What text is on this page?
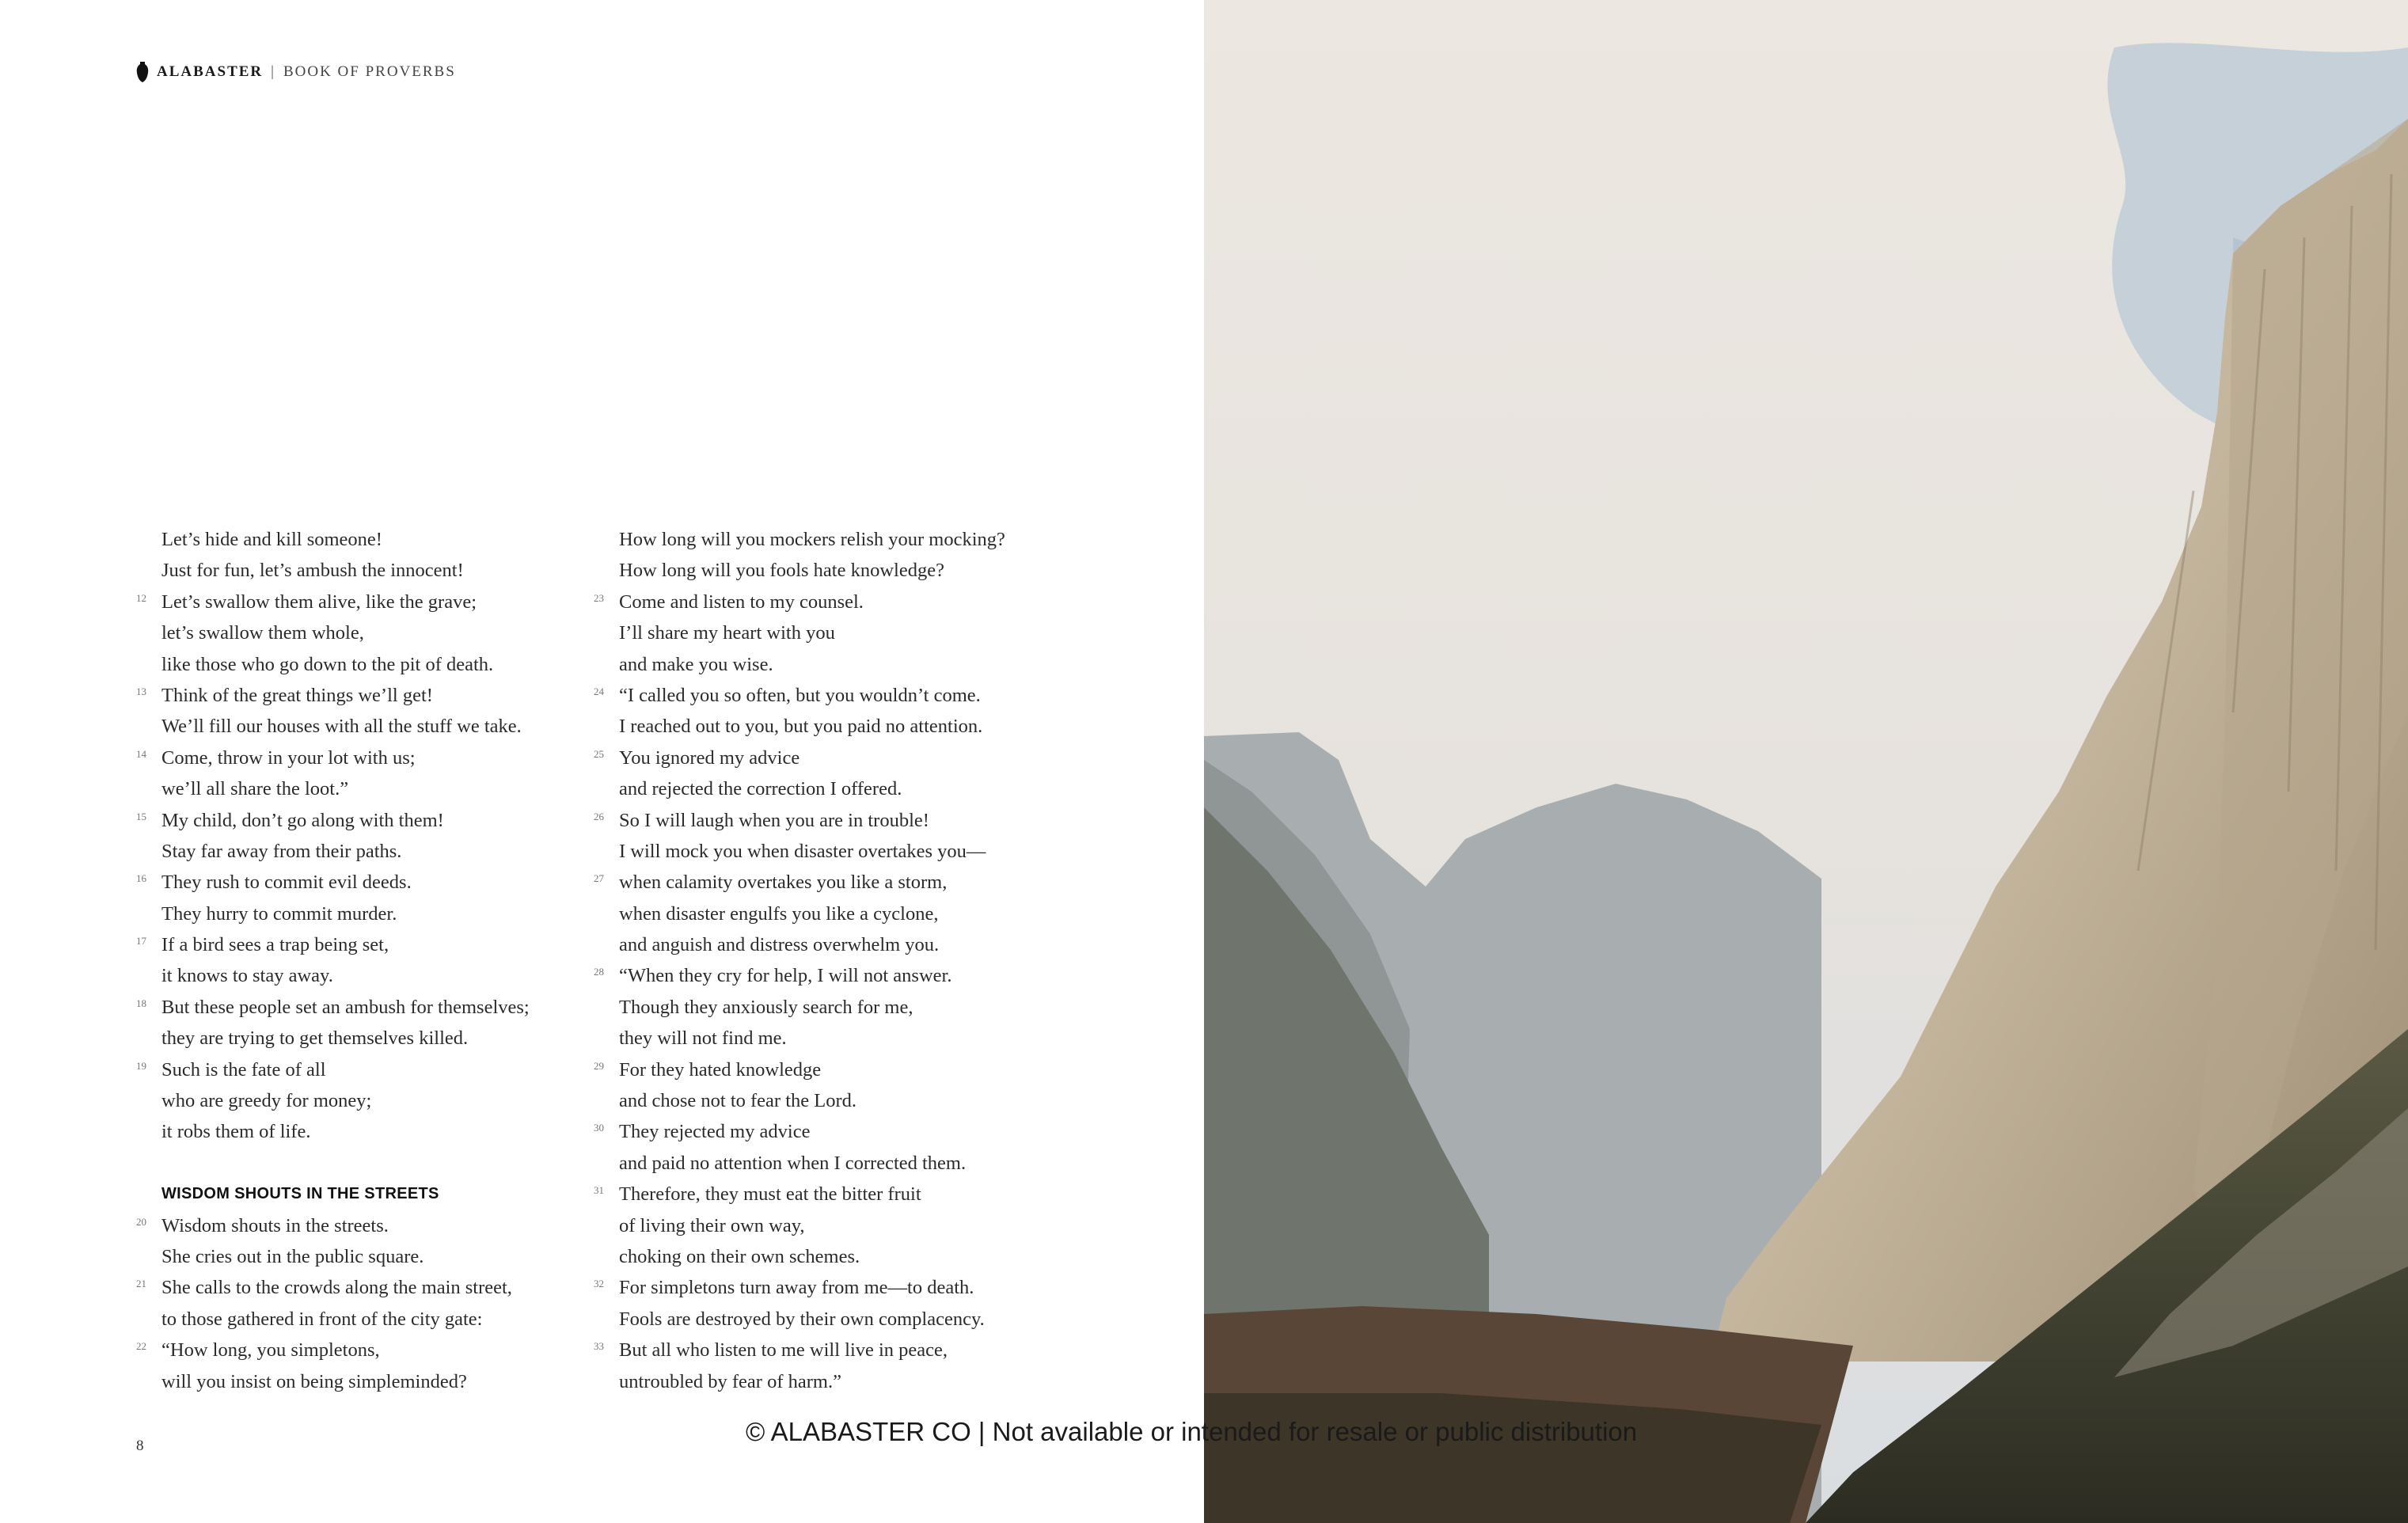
ALABASTER | BOOK OF PROVERBS
Let’s hide and kill someone!
Just for fun, let’s ambush the innocent!
12 Let’s swallow them alive, like the grave;
let’s swallow them whole,
like those who go down to the pit of death.
13 Think of the great things we’ll get!
We’ll fill our houses with all the stuff we take.
14 Come, throw in your lot with us;
we’ll all share the loot.”
15 My child, don’t go along with them!
Stay far away from their paths.
16 They rush to commit evil deeds.
They hurry to commit murder.
17 If a bird sees a trap being set,
it knows to stay away.
18 But these people set an ambush for themselves;
they are trying to get themselves killed.
19 Such is the fate of all
who are greedy for money;
it robs them of life.
WISDOM SHOUTS IN THE STREETS
20 Wisdom shouts in the streets.
She cries out in the public square.
21 She calls to the crowds along the main street,
to those gathered in front of the city gate:
22 “How long, you simpletons,
will you insist on being simpleminded?
How long will you mockers relish your mocking?
How long will you fools hate knowledge?
23 Come and listen to my counsel.
I’ll share my heart with you
and make you wise.
24 “I called you so often, but you wouldn’t come.
I reached out to you, but you paid no attention.
25 You ignored my advice
and rejected the correction I offered.
26 So I will laugh when you are in trouble!
I will mock you when disaster overtakes you—
27 when calamity overtakes you like a storm,
when disaster engulfs you like a cyclone,
and anguish and distress overwhelm you.
28 “When they cry for help, I will not answer.
Though they anxiously search for me,
they will not find me.
29 For they hated knowledge
and chose not to fear the Lord.
30 They rejected my advice
and paid no attention when I corrected them.
31 Therefore, they must eat the bitter fruit
of living their own way,
choking on their own schemes.
32 For simpletons turn away from me—to death.
Fools are destroyed by their own complacency.
33 But all who listen to me will live in peace,
untroubled by fear of harm.”
8	© ALABASTER CO | Not available or intended for resale or public distribution
